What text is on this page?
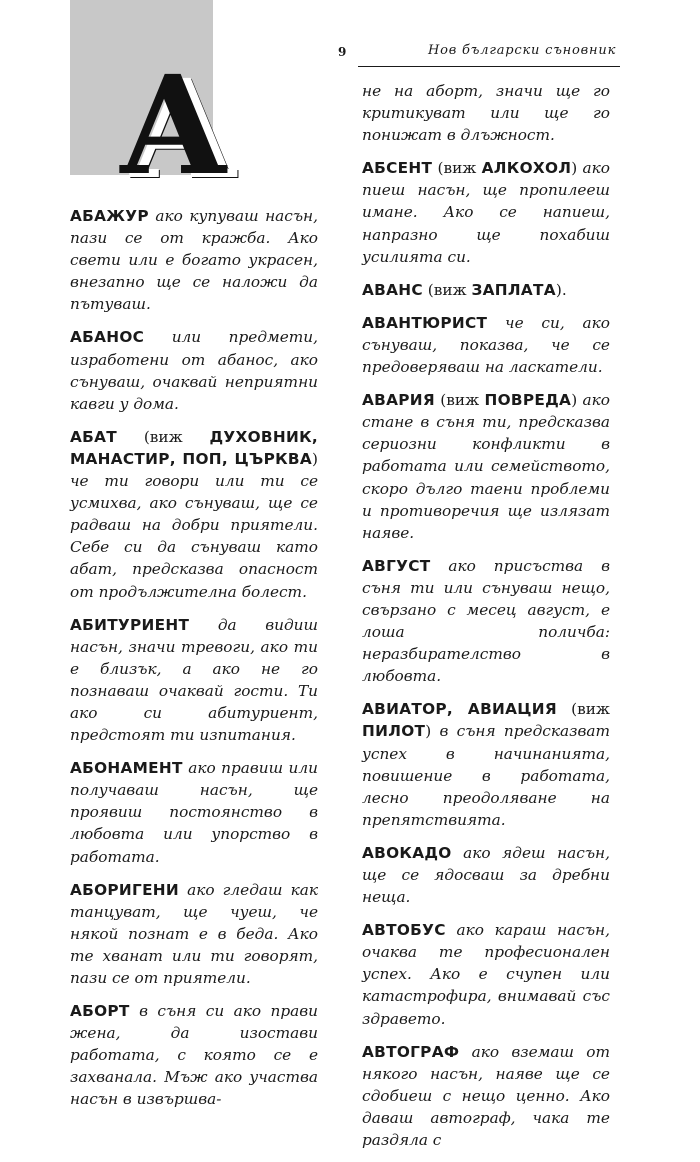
А	9	Нов български съновник

АБАЖУР ако купуваш насън, пази се от кражба. Ако свети или е богато украсен, внезапно ще се наложи да пътуваш.

АБАНОС или предмети, изработени от абанос, ако сънуваш, очаквай неприятни кавги у дома.

АБАТ (виж ДУХОВНИК, МАНАСТИР, ПОП, ЦЪРКВА) че ти говори или ти се усмихва, ако сънуваш, ще се радваш на добри приятели. Себе си да сънуваш като абат, предсказва опасност от продължителна болест.

АБИТУРИЕНТ да видиш насън, значи тревоги, ако ти е близък, а ако не го познаваш очаквай гости. Ти ако си абитуриент, предстоят ти изпитания.

АБОНАМЕНТ ако правиш или получаваш насън, ще проявиш постоянство в любовта или упорство в работата.

АБОРИГЕНИ ако гледаш как танцуват, ще чуеш, че някой познат е в беда. Ако те хванат или ти говорят, пази се от приятели.

АБОРТ в съня си ако прави жена, да изостави работата, с която се е захванала. Мъж ако участва насън в извършва-

не на аборт, значи ще го критикуват или ще го понижат в длъжност.

АБСЕНТ (виж АЛКОХОЛ) ако пиеш насън, ще пропилееш имане. Ако се напиеш, напразно ще похабиш усилията си.

АВАНС (виж ЗАПЛАТА).

АВАНТЮРИСТ че си, ако сънуваш, показва, че се предоверяваш на ласкатели.

АВАРИЯ (виж ПОВРЕДА) ако стане в съня ти, предсказва сериозни конфликти в работата или семейството, скоро дълго таени проблеми и противоречия ще излязат наяве.

АВГУСТ ако присъства в съня ти или сънуваш нещо, свързано с месец август, е лоша поличба: неразбирателство в любовта.

АВИАТОР, АВИАЦИЯ (виж ПИЛОТ) в съня предсказват успех в начинанията, повишение в работата, лесно преодоляване на препятствията.

АВОКАДО ако ядеш насън, ще се ядосваш за дребни неща.

АВТОБУС ако караш насън, очаква те професионален успех. Ако е счупен или катастрофира, внимавай със здравето.

АВТОГРАФ ако вземаш от някого насън, наяве ще се сдобиеш с нещо ценно. Ако даваш автограф, чака те раздяла с
